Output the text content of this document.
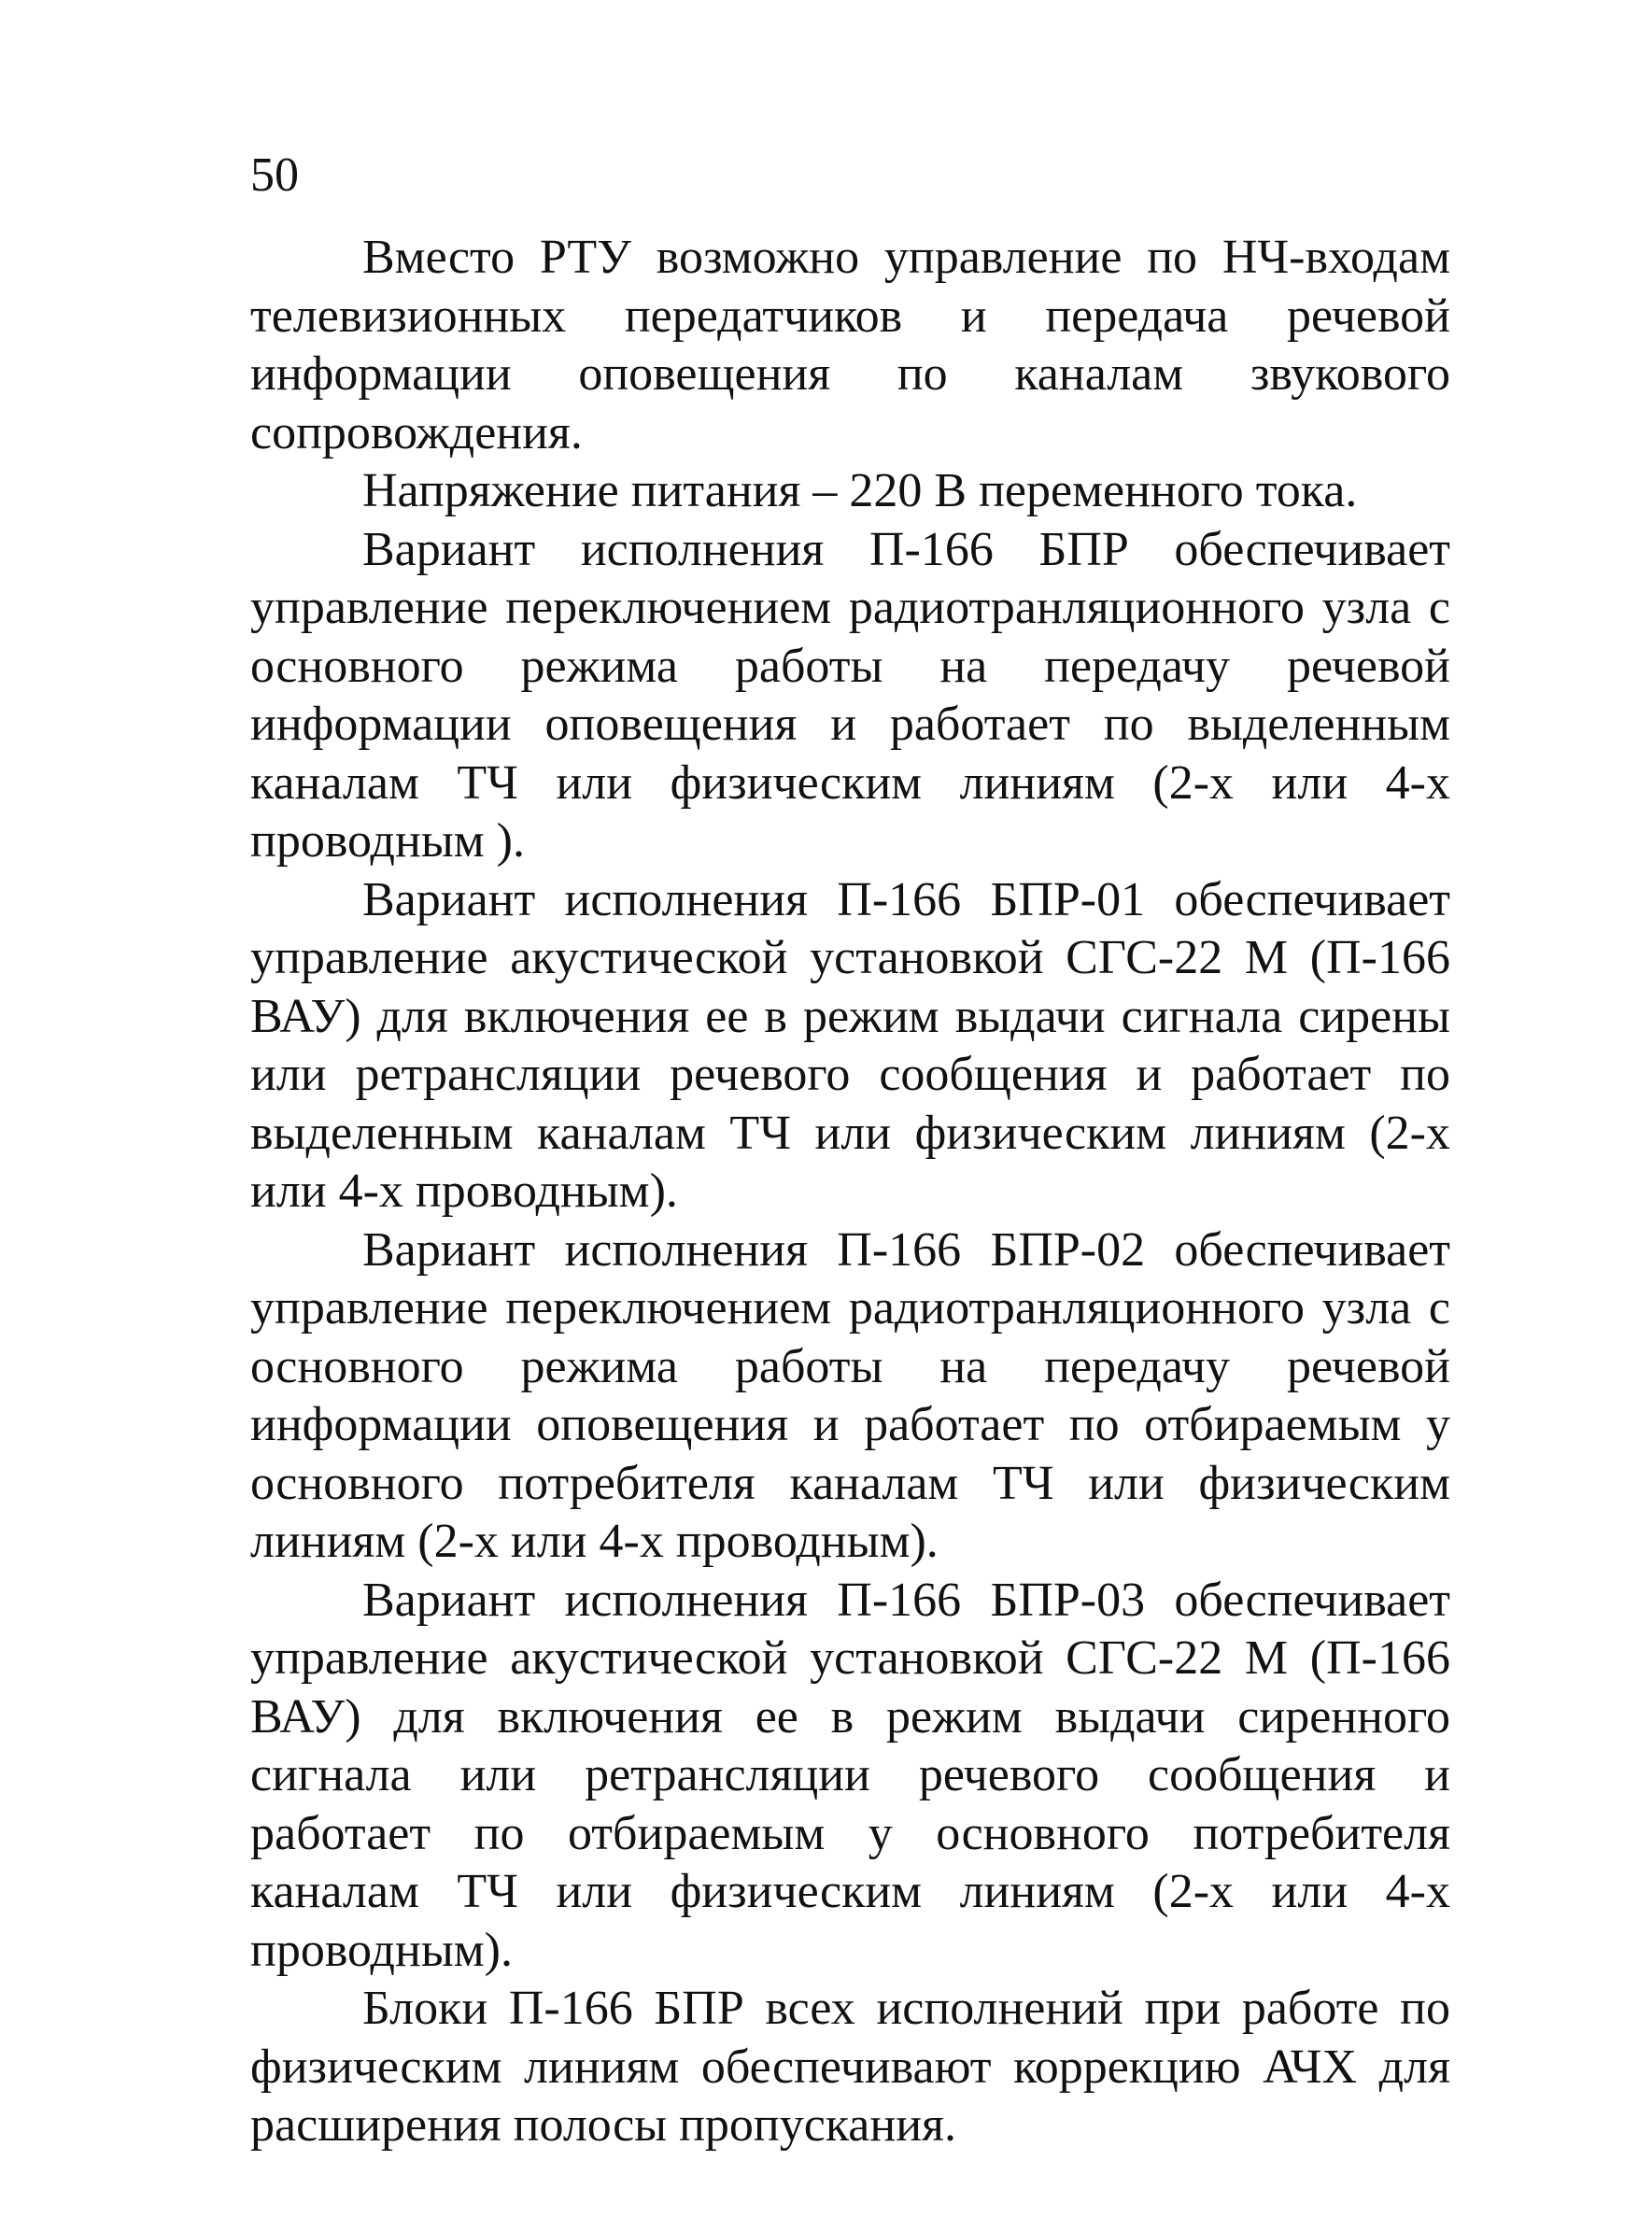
50

Вместо РТУ возможно управление по НЧ-входам телевизионных передатчиков и передача речевой информации оповещения по каналам звукового сопровождения.

Напряжение питания – 220 В переменного тока.

Вариант исполнения П-166 БПР обеспечивает управление переключением радиотранляционного узла с основного режима работы на передачу речевой информации оповещения и работает по выделенным каналам ТЧ или физическим линиям (2-х или 4-х проводным ).

Вариант исполнения П-166 БПР-01 обеспечивает управление акустической установкой СГС-22 М (П-166 ВАУ) для включения ее в режим выдачи сигнала сирены или ретрансляции речевого сообщения и работает по выделенным каналам ТЧ или физическим линиям (2-х или 4-х проводным).

Вариант исполнения П-166 БПР-02 обеспечивает управление переключением радиотранляционного узла с основного режима работы на передачу речевой информации оповещения и работает по отбираемым у основного потребителя каналам ТЧ или физическим линиям (2-х или 4-х проводным).

Вариант исполнения П-166 БПР-03 обеспечивает управление акустической установкой СГС-22 М (П-166 ВАУ) для включения ее в режим выдачи сиренного сигнала или ретрансляции речевого сообщения и работает по отбираемым у основного потребителя каналам ТЧ или физическим линиям (2-х или 4-х проводным).

Блоки П-166 БПР всех исполнений при работе по физическим линиям обеспечивают коррекцию АЧХ для расширения полосы пропускания.
